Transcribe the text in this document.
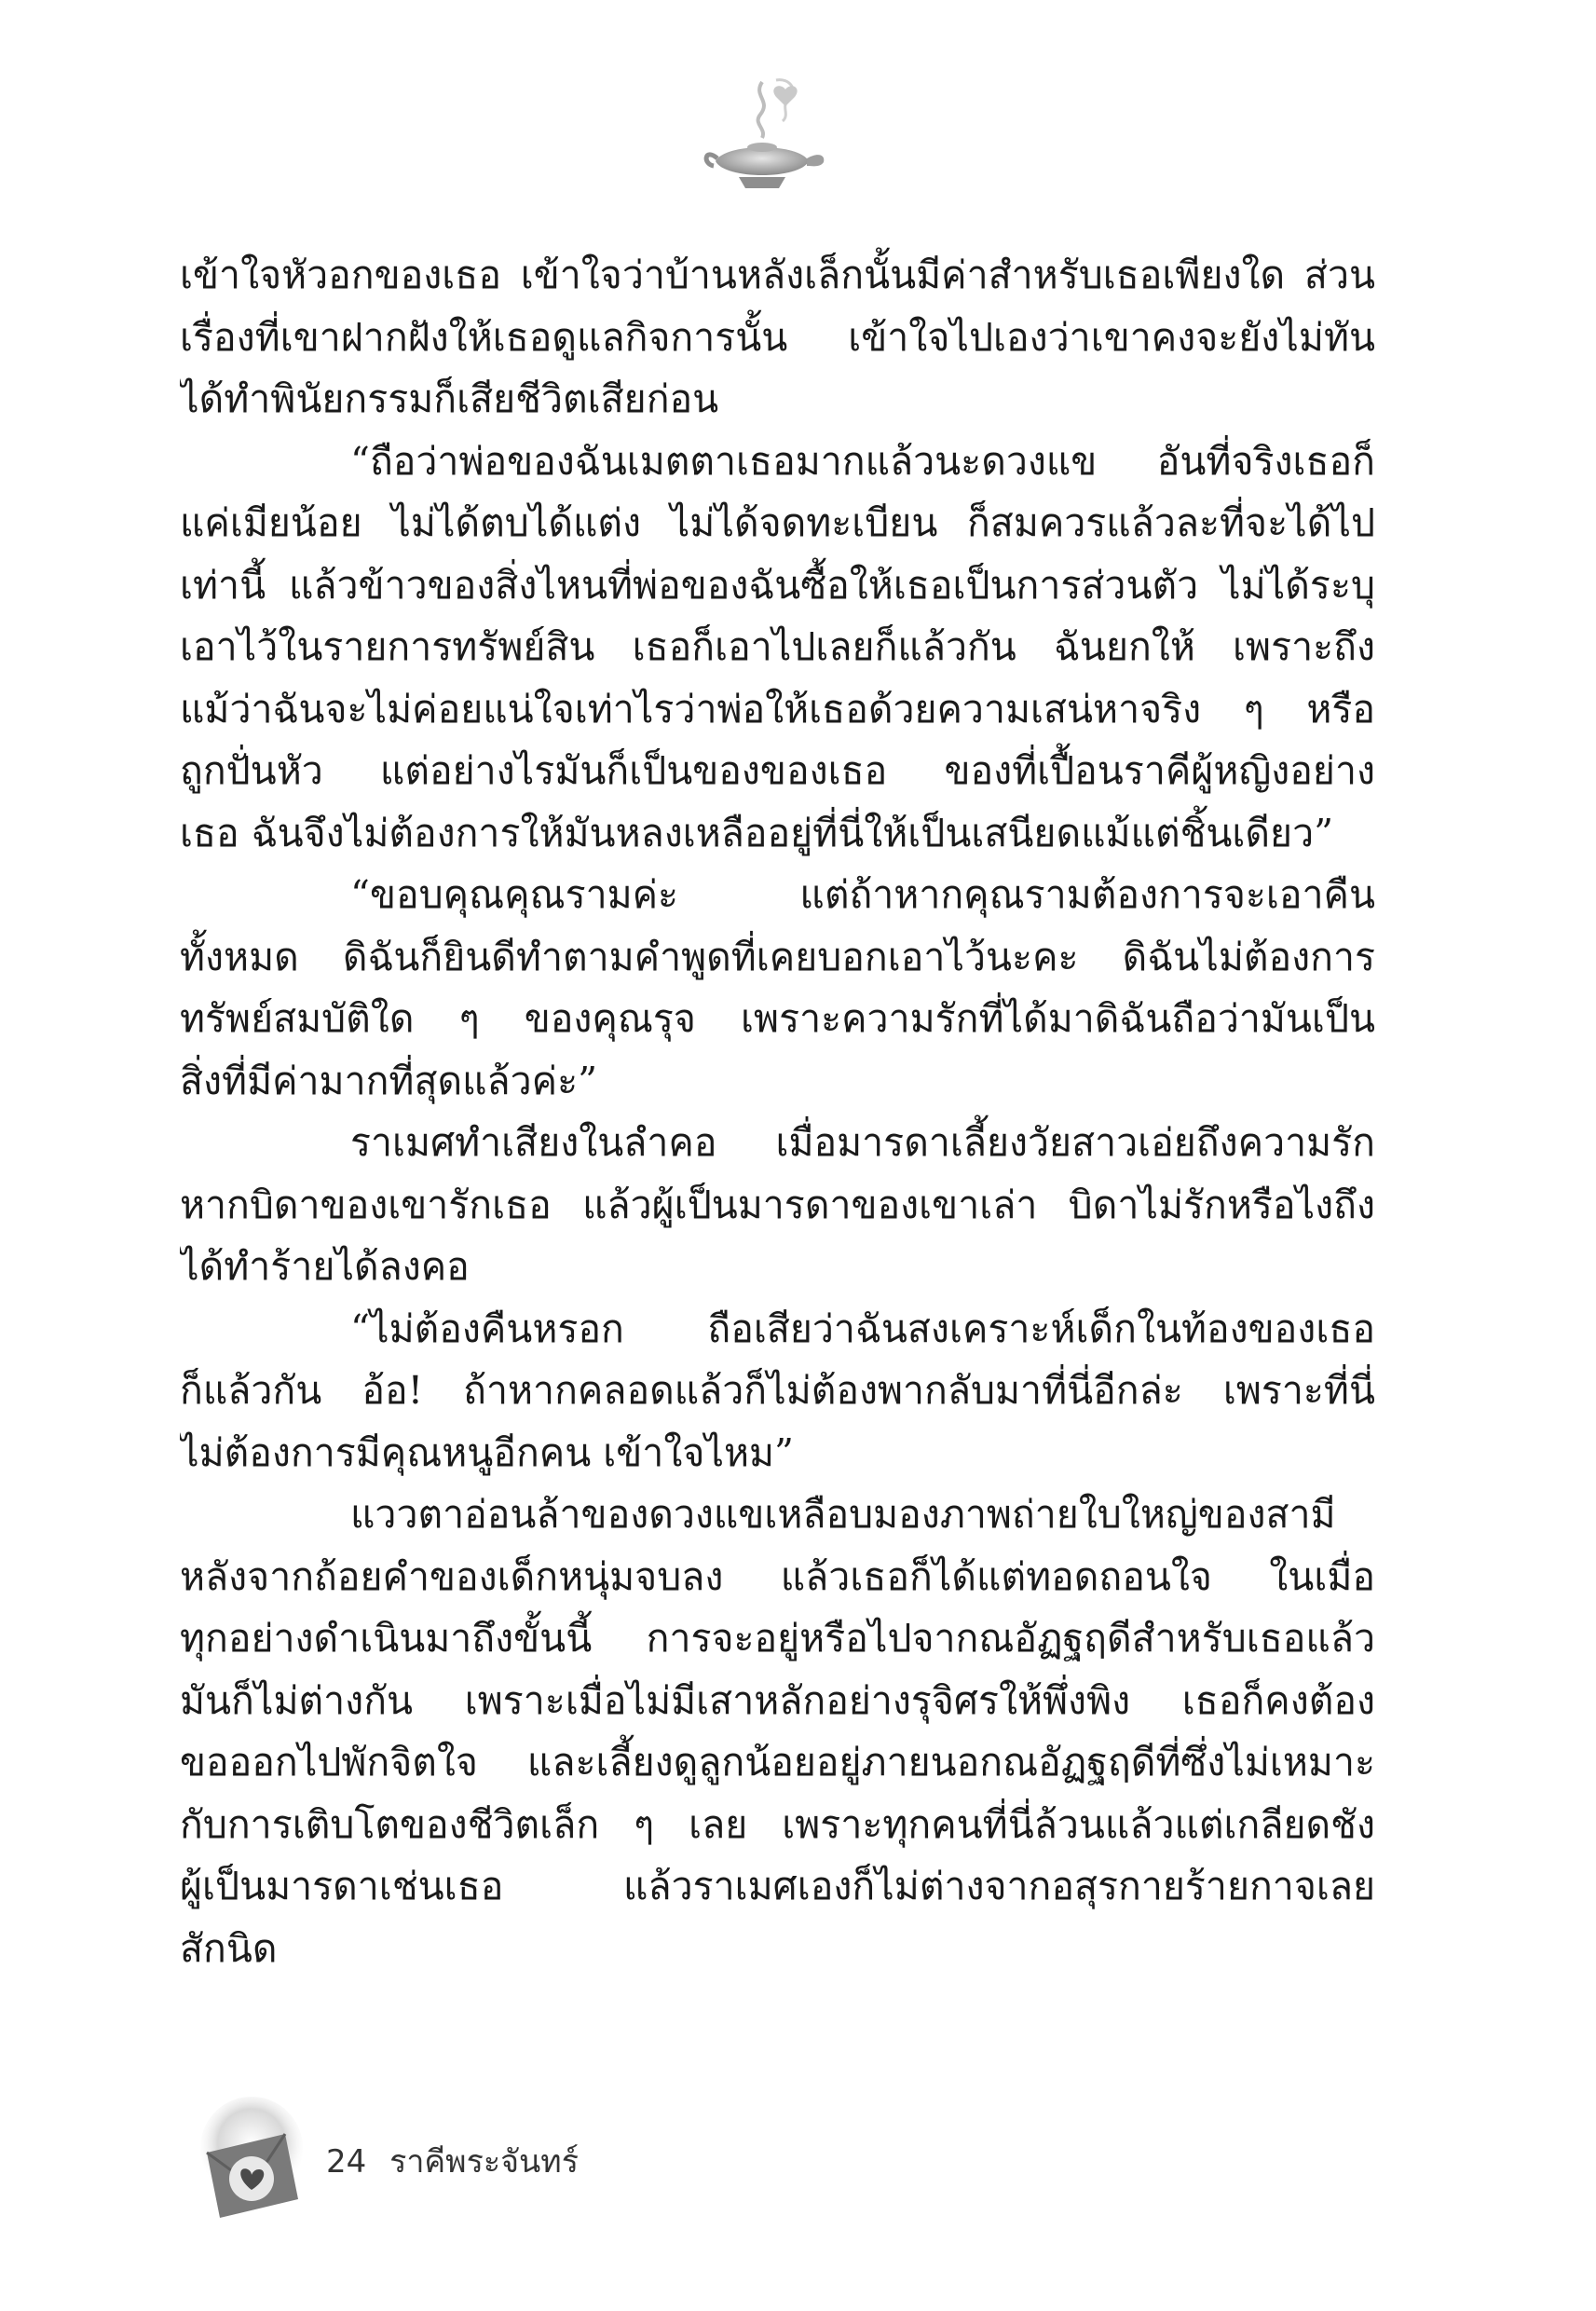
เข้าใจหัวอกของเธอ เข้าใจว่าบ้านหลังเล็กนั้นมีค่าสำหรับเธอเพียงใด ส่วน
เรื่องที่เขาฝากฝังให้เธอดูแลกิจการนั้น เข้าใจไปเองว่าเขาคงจะยังไม่ทัน
ได้ทำพินัยกรรมก็เสียชีวิตเสียก่อน
“ถือว่าพ่อของฉันเมตตาเธอมากแล้วนะดวงแข อันที่จริงเธอก็
แค่เมียน้อย ไม่ได้ตบได้แต่ง ไม่ได้จดทะเบียน ก็สมควรแล้วละที่จะได้ไป
เท่านี้ แล้วข้าวของสิ่งไหนที่พ่อของฉันซื้อให้เธอเป็นการส่วนตัว ไม่ได้ระบุ
เอาไว้ในรายการทรัพย์สิน เธอก็เอาไปเลยก็แล้วกัน ฉันยกให้ เพราะถึง
แม้ว่าฉันจะไม่ค่อยแน่ใจเท่าไรว่าพ่อให้เธอด้วยความเสน่หาจริง ๆ หรือ
ถูกปั่นหัว แต่อย่างไรมันก็เป็นของของเธอ ของที่เปื้อนราคีผู้หญิงอย่าง
เธอ ฉันจึงไม่ต้องการให้มันหลงเหลืออยู่ที่นี่ให้เป็นเสนียดแม้แต่ชิ้นเดียว”
“ขอบคุณคุณรามค่ะ แต่ถ้าหากคุณรามต้องการจะเอาคืน
ทั้งหมด ดิฉันก็ยินดีทำตามคำพูดที่เคยบอกเอาไว้นะคะ ดิฉันไม่ต้องการ
ทรัพย์สมบัติใด ๆ ของคุณรุจ เพราะความรักที่ได้มาดิฉันถือว่ามันเป็น
สิ่งที่มีค่ามากที่สุดแล้วค่ะ”
ราเมศทำเสียงในลำคอ เมื่อมารดาเลี้ยงวัยสาวเอ่ยถึงความรัก
หากบิดาของเขารักเธอ แล้วผู้เป็นมารดาของเขาเล่า บิดาไม่รักหรือไงถึง
ได้ทำร้ายได้ลงคอ
“ไม่ต้องคืนหรอก ถือเสียว่าฉันสงเคราะห์เด็กในท้องของเธอ
ก็แล้วกัน อ้อ! ถ้าหากคลอดแล้วก็ไม่ต้องพากลับมาที่นี่อีกล่ะ เพราะที่นี่
ไม่ต้องการมีคุณหนูอีกคน เข้าใจไหม”
แววตาอ่อนล้าของดวงแขเหลือบมองภาพถ่ายใบใหญ่ของสามี
หลังจากถ้อยคำของเด็กหนุ่มจบลง แล้วเธอก็ได้แต่ทอดถอนใจ ในเมื่อ
ทุกอย่างดำเนินมาถึงขั้นนี้ การจะอยู่หรือไปจากณอัฏฐฤดีสำหรับเธอแล้ว
มันก็ไม่ต่างกัน เพราะเมื่อไม่มีเสาหลักอย่างรุจิศรให้พึ่งพิง เธอก็คงต้อง
ขอออกไปพักจิตใจ และเลี้ยงดูลูกน้อยอยู่ภายนอกณอัฏฐฤดีที่ซึ่งไม่เหมาะ
กับการเติบโตของชีวิตเล็ก ๆ เลย เพราะทุกคนที่นี่ล้วนแล้วแต่เกลียดชัง
ผู้เป็นมารดาเช่นเธอ แล้วราเมศเองก็ไม่ต่างจากอสุรกายร้ายกาจเลย
สักนิด
24 ราคีพระจันทร์
